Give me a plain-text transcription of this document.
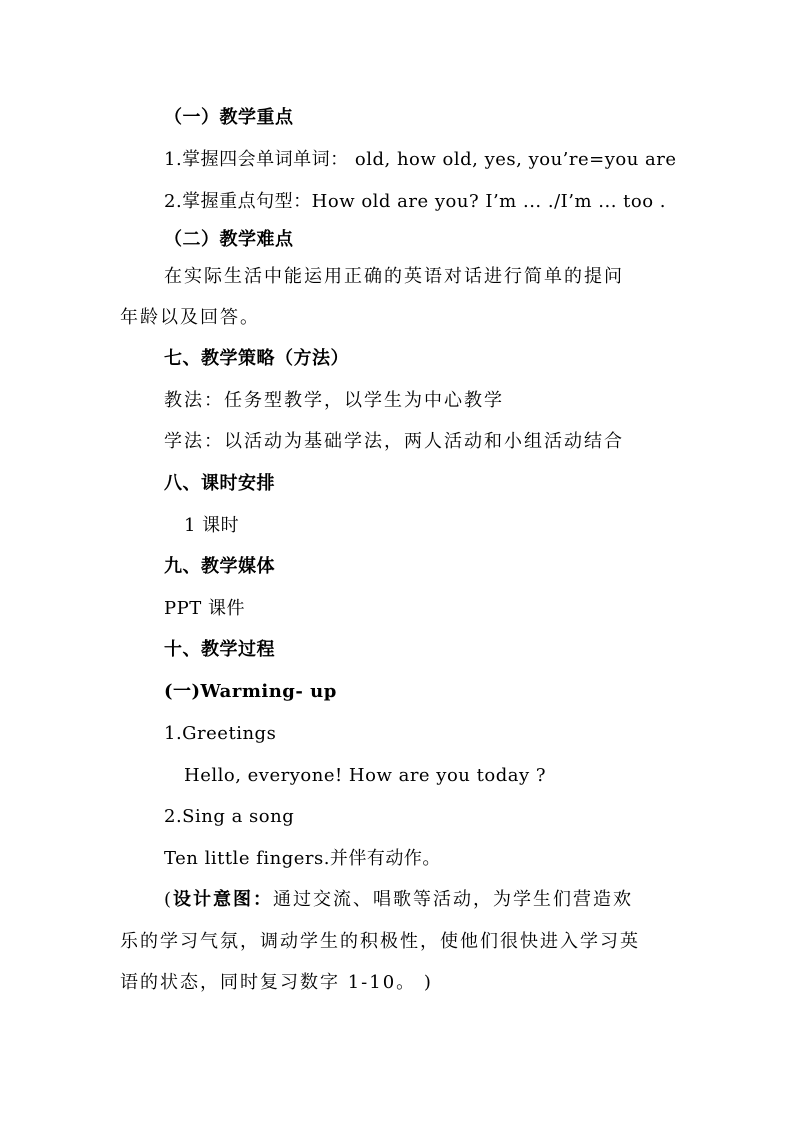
（一）教学重点
1.掌握四会单词单词： old, how old, yes, you’re=you are
2.掌握重点句型：How old are you? I’m ... ./I’m ... too .
（二）教学难点
在实际生活中能运用正确的英语对话进行简单的提问
年龄以及回答。
七、教学策略（方法）
教法：任务型教学，以学生为中心教学
学法：以活动为基础学法，两人活动和小组活动结合
八、课时安排
1 课时
九、教学媒体
PPT 课件
十、教学过程
(一)Warming- up
1.Greetings
Hello, everyone! How are you today ?
2.Sing a song
Ten little fingers.并伴有动作。
(设计意图：通过交流、唱歌等活动，为学生们营造欢
乐的学习气氛，调动学生的积极性，使他们很快进入学习英
语的状态，同时复习数字 1-10。 )
